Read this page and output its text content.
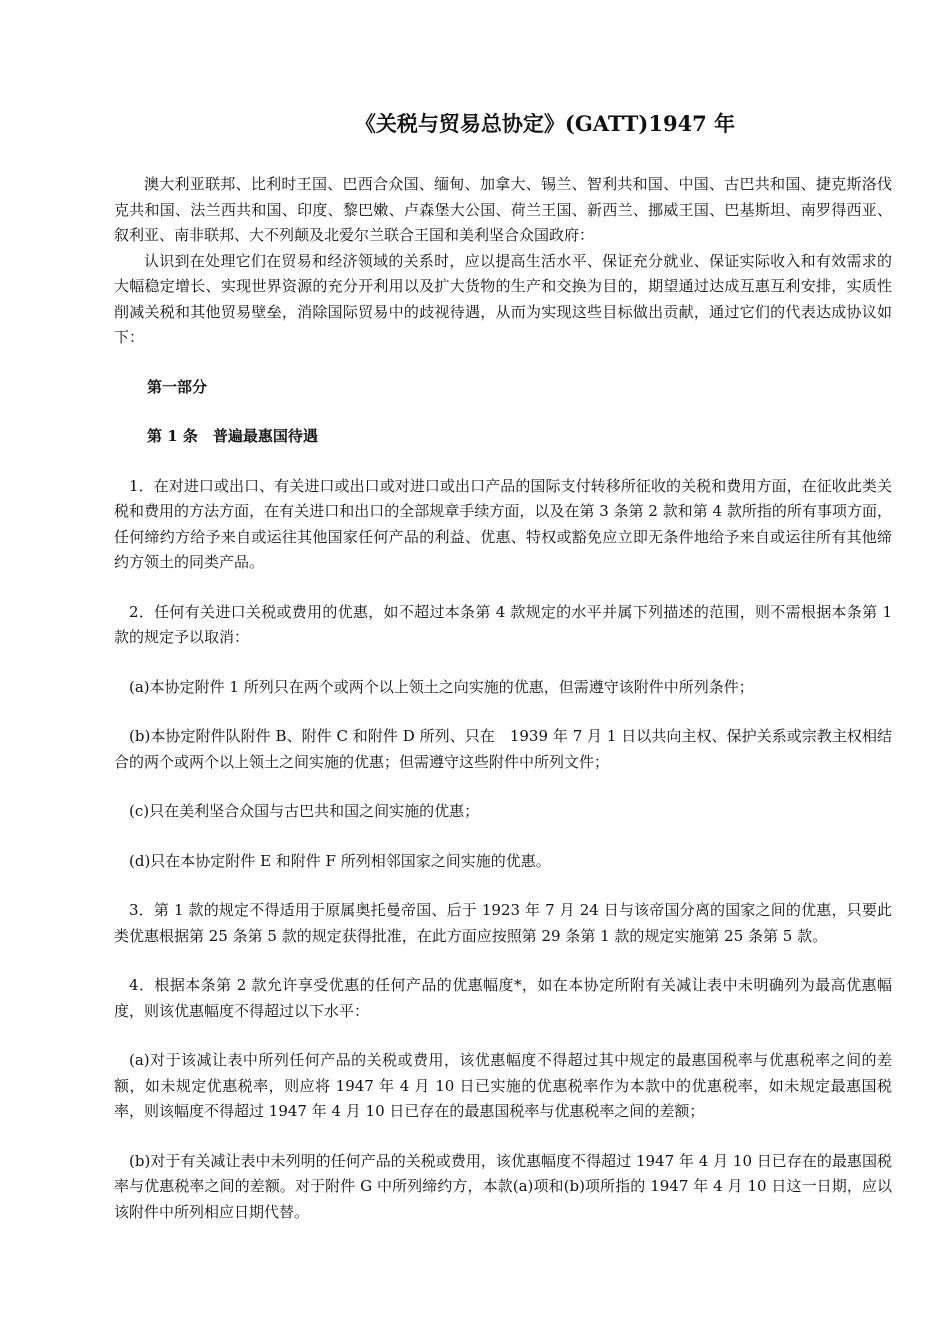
《关税与贸易总协定》(GATT)1947 年

澳大利亚联邦、比利时王国、巴西合众国、缅甸、加拿大、锡兰、智利共和国、中国、古巴共和国、捷克斯洛伐克共和国、法兰西共和国、印度、黎巴嫩、卢森堡大公国、荷兰王国、新西兰、挪威王国、巴基斯坦、南罗得西亚、叙利亚、南非联邦、大不列颠及北爱尔兰联合王国和美利坚合众国政府：

认识到在处理它们在贸易和经济领域的关系时，应以提高生活水平、保证充分就业、保证实际收入和有效需求的大幅稳定增长、实现世界资源的充分开利用以及扩大货物的生产和交换为目的，期望通过达成互惠互利安排，实质性削减关税和其他贸易壁垒，消除国际贸易中的歧视待遇，从而为实现这些目标做出贡献，通过它们的代表达成协议如下：

第一部分

第 1 条　普遍最惠国待遇

1．在对进口或出口、有关进口或出口或对进口或出口产品的国际支付转移所征收的关税和费用方面，在征收此类关税和费用的方法方面，在有关进口和出口的全部规章手续方面，以及在第 3 条第 2 款和第 4 款所指的所有事项方面，任何缔约方给予来自或运往其他国家任何产品的利益、优惠、特权或豁免应立即无条件地给予来自或运往所有其他缔约方领土的同类产品。

2．任何有关进口关税或费用的优惠，如不超过本条第 4 款规定的水平并属下列描述的范围，则不需根据本条第 1 款的规定予以取消：

(a)本协定附件 1 所列只在两个或两个以上领土之向实施的优惠，但需遵守该附件中所列条件；

(b)本协定附件队附件 B、附件 C 和附件 D 所列、只在　1939 年 7 月 1 日以共向主权、保护关系或宗教主权相结合的两个或两个以上领土之间实施的优惠；但需遵守这些附件中所列文件；

(c)只在美利坚合众国与古巴共和国之间实施的优惠；

(d)只在本协定附件 E 和附件 F 所列相邻国家之间实施的优惠。

3．第 1 款的规定不得适用于原属奥托曼帝国、后于 1923 年 7 月 24 日与该帝国分离的国家之间的优惠，只要此类优惠根据第 25 条第 5 款的规定获得批准，在此方面应按照第 29 条第 1 款的规定实施第 25 条第 5 款。

4．根据本条第 2 款允许享受优惠的任何产品的优惠幅度*，如在本协定所附有关减让表中未明确列为最高优惠幅度，则该优惠幅度不得超过以下水平：

(a)对于该减让表中所列任何产品的关税或费用，该优惠幅度不得超过其中规定的最惠国税率与优惠税率之间的差额，如未规定优惠税率，则应将 1947 年 4 月 10 日已实施的优惠税率作为本款中的优惠税率，如未规定最惠国税率，则该幅度不得超过 1947 年 4 月 10 日已存在的最惠国税率与优惠税率之间的差额；

(b)对于有关减让表中未列明的任何产品的关税或费用，该优惠幅度不得超过 1947 年 4 月 10 日已存在的最惠国税率与优惠税率之间的差额。对于附件 G 中所列缔约方，本款(a)项和(b)项所指的 1947 年 4 月 10 日这一日期，应以该附件中所列相应日期代替。
